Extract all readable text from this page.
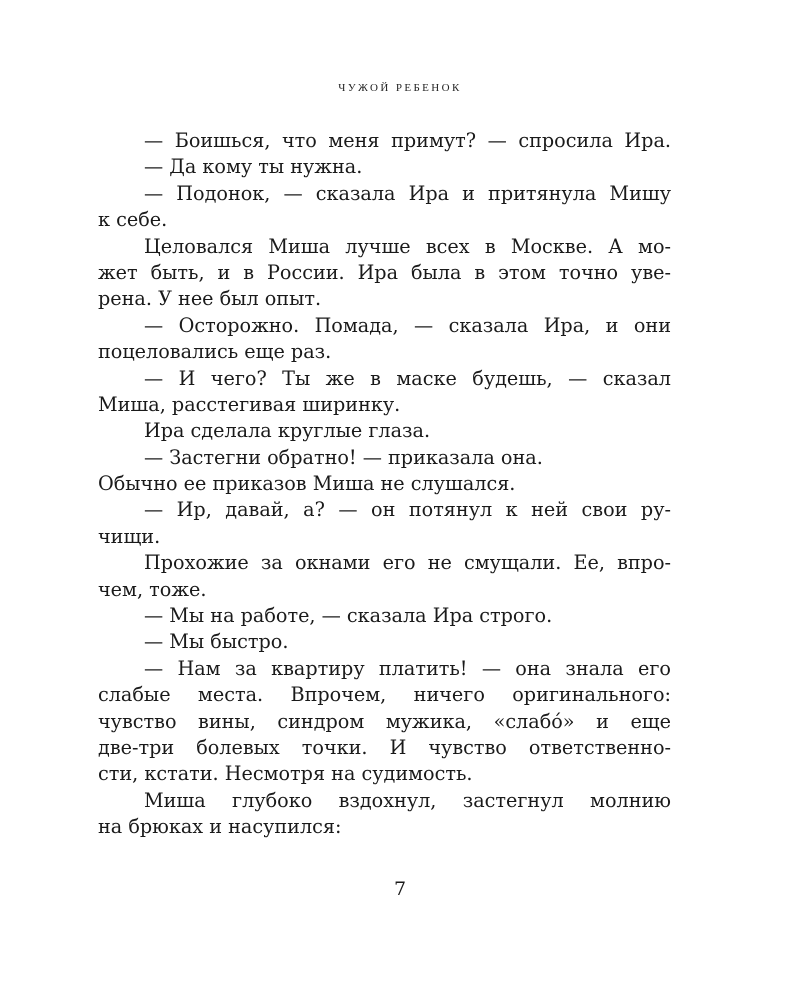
ЧУЖОЙ РЕБЕНОК
— Боишься, что меня примут? — спросила Ира.
— Да кому ты нужна.
— Подонок, — сказала Ира и притянула Мишу
к себе.
Целовался Миша лучше всех в Москве. А мо-
жет быть, и в России. Ира была в этом точно уве-
рена. У нее был опыт.
— Осторожно. Помада, — сказала Ира, и они
поцеловались еще раз.
— И чего? Ты же в маске будешь, — сказал
Миша, расстегивая ширинку.
Ира сделала круглые глаза.
— Застегни обратно! — приказала она.
Обычно ее приказов Миша не слушался.
— Ир, давай, а? — он потянул к ней свои ру-
чищи.
Прохожие за окнами его не смущали. Ее, впро-
чем, тоже.
— Мы на работе, — сказала Ира строго.
— Мы быстро.
— Нам за квартиру платить! — она знала его
слабые места. Впрочем, ничего оригинального:
чувство вины, синдром мужика, «слабо́» и еще
две-три болевых точки. И чувство ответственно-
сти, кстати. Несмотря на судимость.
Миша глубоко вздохнул, застегнул молнию
на брюках и насупился:
7
